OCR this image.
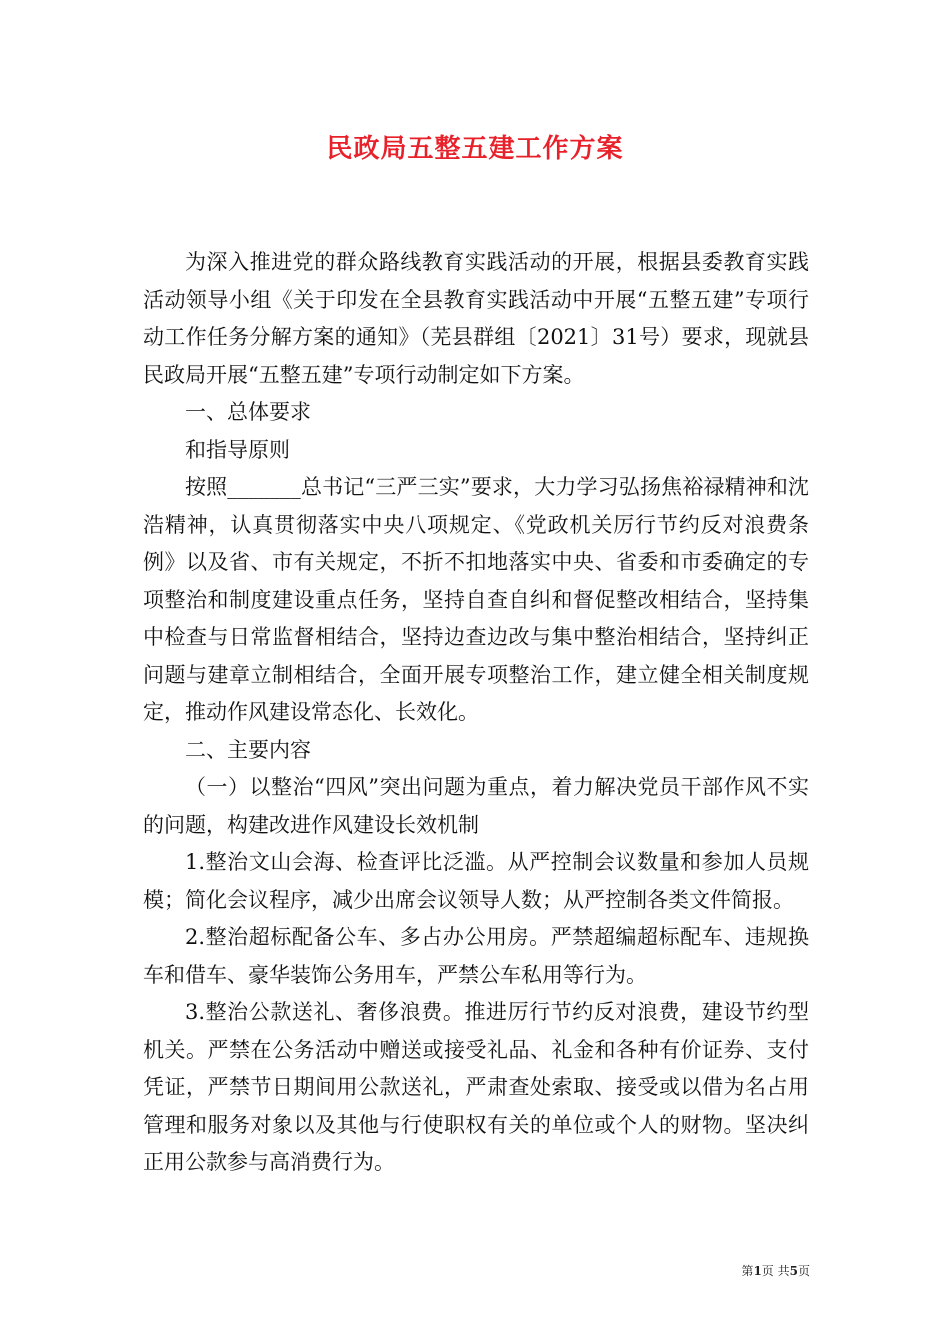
民政局五整五建工作方案

为深入推进党的群众路线教育实践活动的开展，根据县委教育实践活动领导小组《关于印发在全县教育实践活动中开展“五整五建”专项行动工作任务分解方案的通知》（芜县群组〔2021〕31号）要求，现就县民政局开展“五整五建”专项行动制定如下方案。

一、总体要求

和指导原则

按照_______总书记“三严三实”要求，大力学习弘扬焦裕禄精神和沈浩精神，认真贯彻落实中央八项规定、《党政机关厉行节约反对浪费条例》以及省、市有关规定，不折不扣地落实中央、省委和市委确定的专项整治和制度建设重点任务，坚持自查自纠和督促整改相结合，坚持集中检查与日常监督相结合，坚持边查边改与集中整治相结合，坚持纠正问题与建章立制相结合，全面开展专项整治工作，建立健全相关制度规定，推动作风建设常态化、长效化。

二、主要内容

（一）以整治“四风”突出问题为重点，着力解决党员干部作风不实的问题，构建改进作风建设长效机制

1.整治文山会海、检查评比泛滥。从严控制会议数量和参加人员规模；简化会议程序，减少出席会议领导人数；从严控制各类文件简报。

2.整治超标配备公车、多占办公用房。严禁超编超标配车、违规换车和借车、豪华装饰公务用车，严禁公车私用等行为。

3.整治公款送礼、奢侈浪费。推进厉行节约反对浪费，建设节约型机关。严禁在公务活动中赠送或接受礼品、礼金和各种有价证券、支付凭证，严禁节日期间用公款送礼，严肃查处索取、接受或以借为名占用管理和服务对象以及其他与行使职权有关的单位或个人的财物。坚决纠正用公款参与高消费行为。

第1页 共5页
